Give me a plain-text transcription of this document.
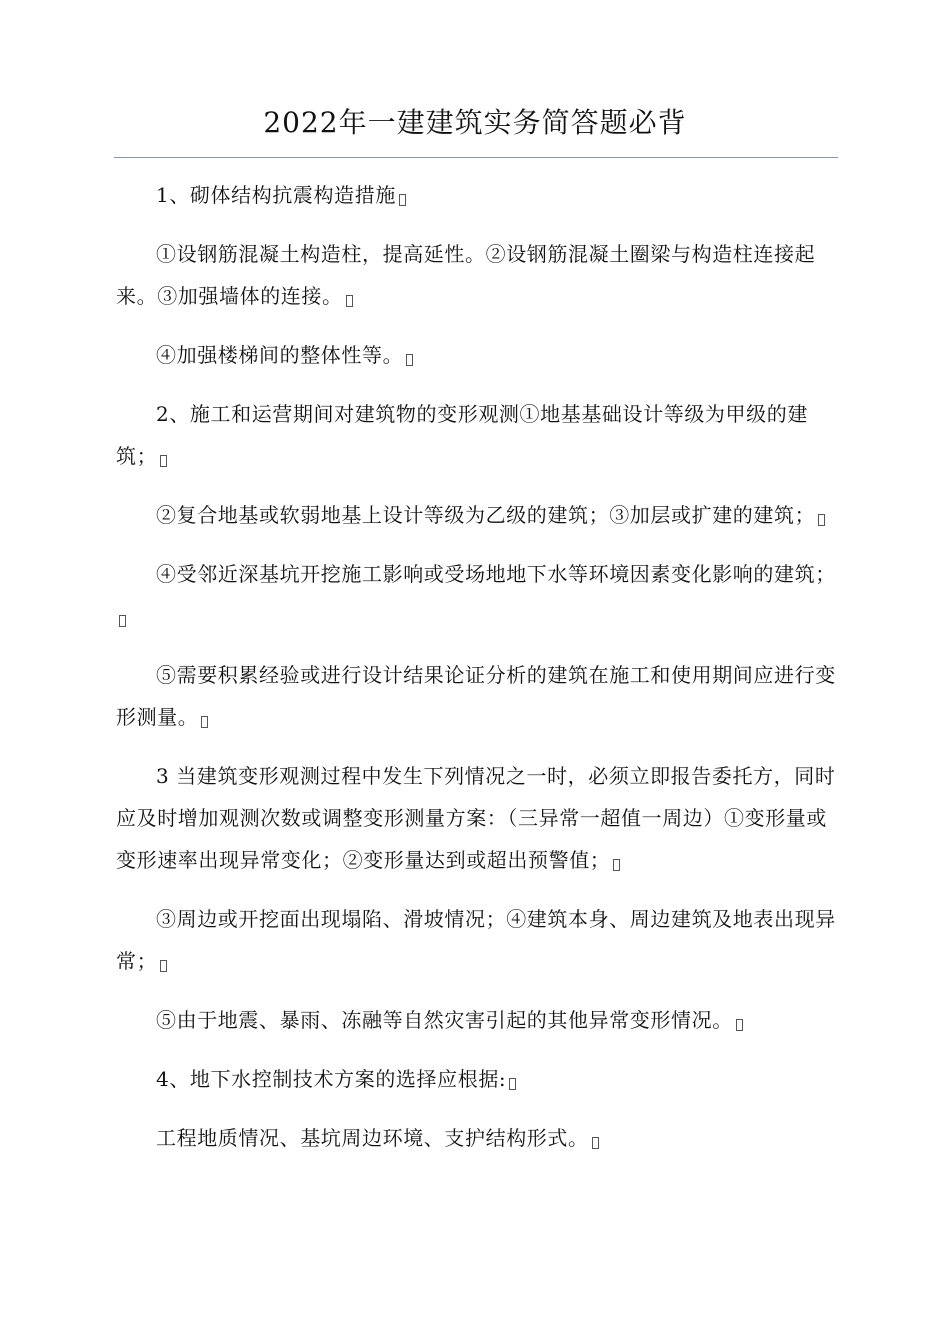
2022年一建建筑实务简答题必背

1、砌体结构抗震构造措施

①设钢筋混凝土构造柱，提高延性。②设钢筋混凝土圈梁与构造柱连接起来。③加强墙体的连接。

④加强楼梯间的整体性等。

2、施工和运营期间对建筑物的变形观测①地基基础设计等级为甲级的建筑；

②复合地基或软弱地基上设计等级为乙级的建筑；③加层或扩建的建筑；

④受邻近深基坑开挖施工影响或受场地地下水等环境因素变化影响的建筑；

⑤需要积累经验或进行设计结果论证分析的建筑在施工和使用期间应进行变形测量。

3 当建筑变形观测过程中发生下列情况之一时，必须立即报告委托方，同时应及时增加观测次数或调整变形测量方案：（三异常一超值一周边）①变形量或变形速率出现异常变化；②变形量达到或超出预警值；

③周边或开挖面出现塌陷、滑坡情况；④建筑本身、周边建筑及地表出现异常；

⑤由于地震、暴雨、冻融等自然灾害引起的其他异常变形情况。

4、地下水控制技术方案的选择应根据:

工程地质情况、基坑周边环境、支护结构形式。
